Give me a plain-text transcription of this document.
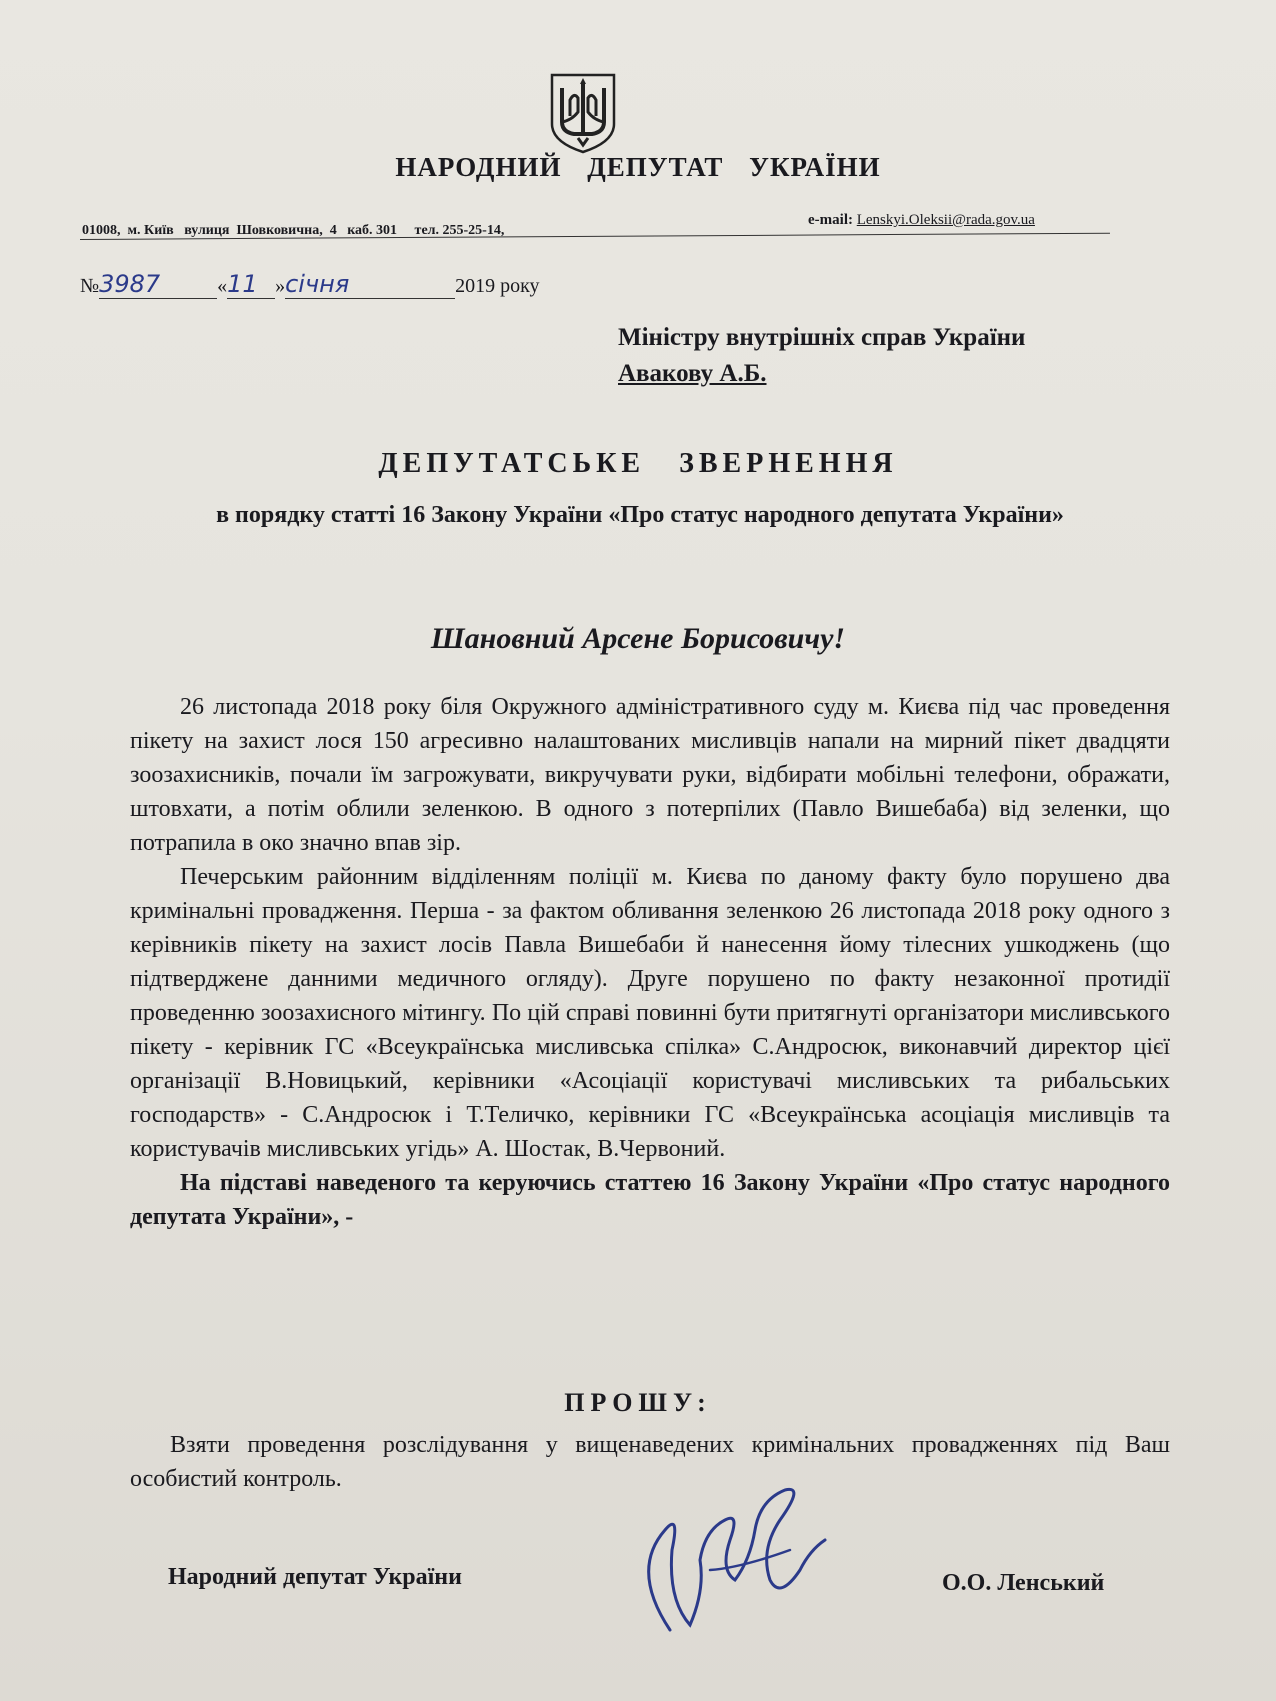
НАРОДНИЙ ДЕПУТАТ УКРАЇНИ
01008,  м. Київ   вулиця  Шовковична,  4   каб. 301     тел. 255-25-14,
e-mail: Lenskyi.Oleksii@rada.gov.ua
№3987	«11 »січня	2019 року
Міністру внутрішніх справ України
Авакову А.Б.
ДЕПУТАТСЬКЕ ЗВЕРНЕННЯ
в порядку статті 16 Закону України «Про статус народного депутата України»
Шановний Арсене Борисовичу!

26 листопада 2018 року біля Окружного адміністративного суду м. Києва під час проведення пікету на захист лося 150 агресивно налаштованих мисливців напали на мирний пікет двадцяти зоозахисників, почали їм загрожувати, викручувати руки, відбирати мобільні телефони, ображати, штовхати, а потім облили зеленкою. В одного з потерпілих (Павло Вишебаба) від зеленки, що потрапила в око значно впав зір.

Печерським районним відділенням поліції м. Києва по даному факту було порушено два кримінальні провадження. Перша - за фактом обливання зеленкою 26 листопада 2018 року одного з керівників пікету на захист лосів Павла Вишебаби й нанесення йому тілесних ушкоджень (що підтверджене данними медичного огляду). Друге порушено по факту незаконної протидії проведенню зоозахисного мітингу. По цій справі повинні бути притягнуті організатори мисливського пікету - керівник ГС «Всеукраїнська мисливська спілка» С.Андросюк, виконавчий директор цієї організації В.Новицький, керівники «Асоціації користувачі мисливських та рибальських господарств» - С.Андросюк і Т.Теличко, керівники ГС «Всеукраїнська асоціація мисливців та користувачів мисливських угідь» А. Шостак, В.Червоний.

На підставі наведеного та керуючись статтею 16 Закону України «Про статус народного депутата України», -

ПРОШУ:

Взяти проведення розслідування у вищенаведених кримінальних провадженнях під Ваш особистий контроль.

Народний депутат України	О.О. Ленський
